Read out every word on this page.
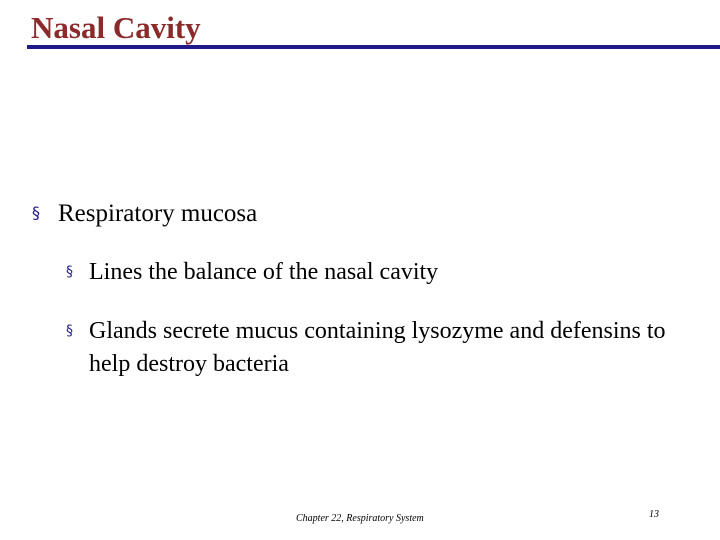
Nasal Cavity
§ Respiratory mucosa
§ Lines the balance of the nasal cavity
§ Glands secrete mucus containing lysozyme and defensins to help destroy bacteria
Chapter 22, Respiratory System	13
